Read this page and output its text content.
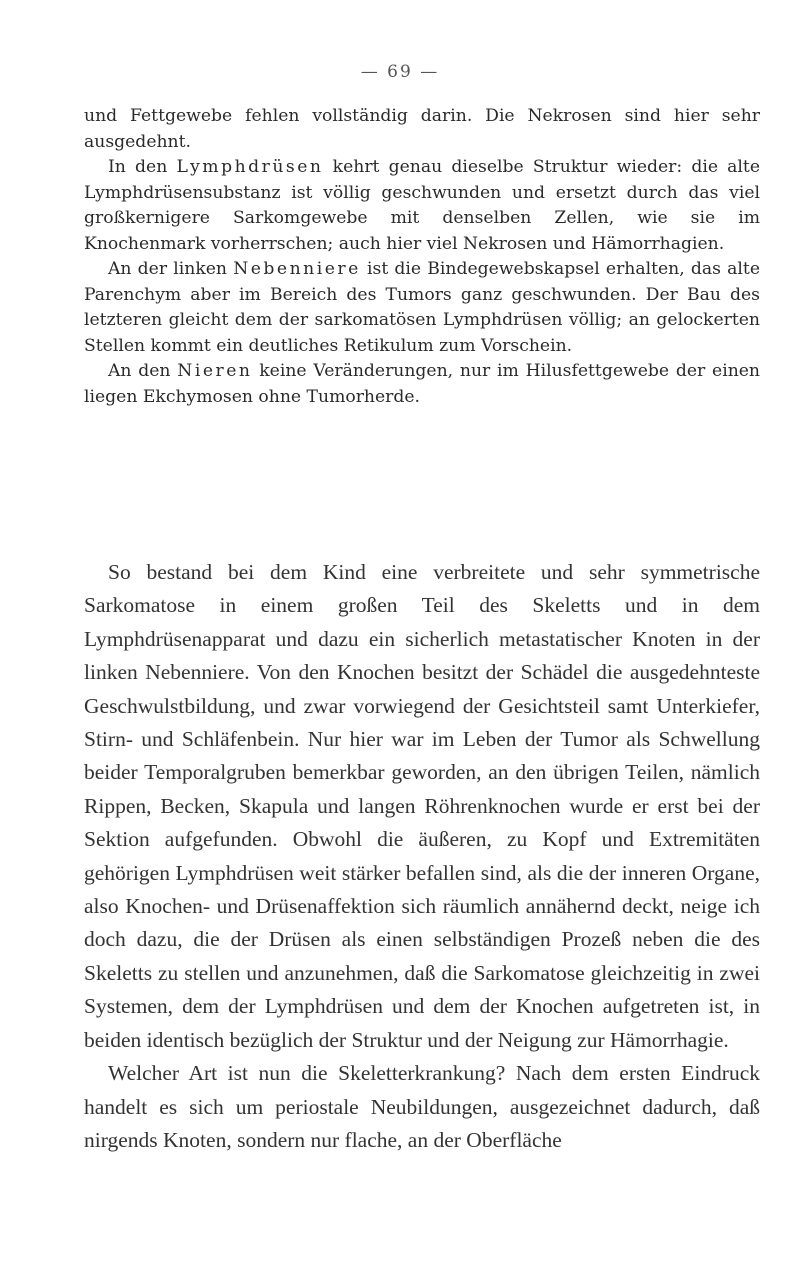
— 69 —

und Fettgewebe fehlen vollständig darin. Die Nekrosen sind hier sehr ausgedehnt.

In den Lymphdrüsen kehrt genau dieselbe Struktur wieder: die alte Lymphdrüsensubstanz ist völlig geschwunden und ersetzt durch das viel großkernigere Sarkomgewebe mit denselben Zellen, wie sie im Knochenmark vorherrschen; auch hier viel Nekrosen und Hämorrhagien.

An der linken Nebenniere ist die Bindegewebskapsel erhalten, das alte Parenchym aber im Bereich des Tumors ganz geschwunden. Der Bau des letzteren gleicht dem der sarkomatösen Lymphdrüsen völlig; an gelockerten Stellen kommt ein deutliches Retikulum zum Vorschein.

An den Nieren keine Veränderungen, nur im Hilusfettgewebe der einen liegen Ekchymosen ohne Tumorherde.

So bestand bei dem Kind eine verbreitete und sehr symmetrische Sarkomatose in einem großen Teil des Skeletts und in dem Lymphdrüsenapparat und dazu ein sicherlich metastatischer Knoten in der linken Nebenniere. Von den Knochen besitzt der Schädel die ausgedehnteste Geschwulstbildung, und zwar vorwiegend der Gesichtsteil samt Unterkiefer, Stirn- und Schläfenbein. Nur hier war im Leben der Tumor als Schwellung beider Temporalgruben bemerkbar geworden, an den übrigen Teilen, nämlich Rippen, Becken, Skapula und langen Röhrenknochen wurde er erst bei der Sektion aufgefunden. Obwohl die äußeren, zu Kopf und Extremitäten gehörigen Lymphdrüsen weit stärker befallen sind, als die der inneren Organe, also Knochen- und Drüsenaffektion sich räumlich annähernd deckt, neige ich doch dazu, die der Drüsen als einen selbständigen Prozeß neben die des Skeletts zu stellen und anzunehmen, daß die Sarkomatose gleichzeitig in zwei Systemen, dem der Lymphdrüsen und dem der Knochen aufgetreten ist, in beiden identisch bezüglich der Struktur und der Neigung zur Hämorrhagie.

Welcher Art ist nun die Skeletterkrankung? Nach dem ersten Eindruck handelt es sich um periostale Neubildungen, ausgezeichnet dadurch, daß nirgends Knoten, sondern nur flache, an der Oberfläche
